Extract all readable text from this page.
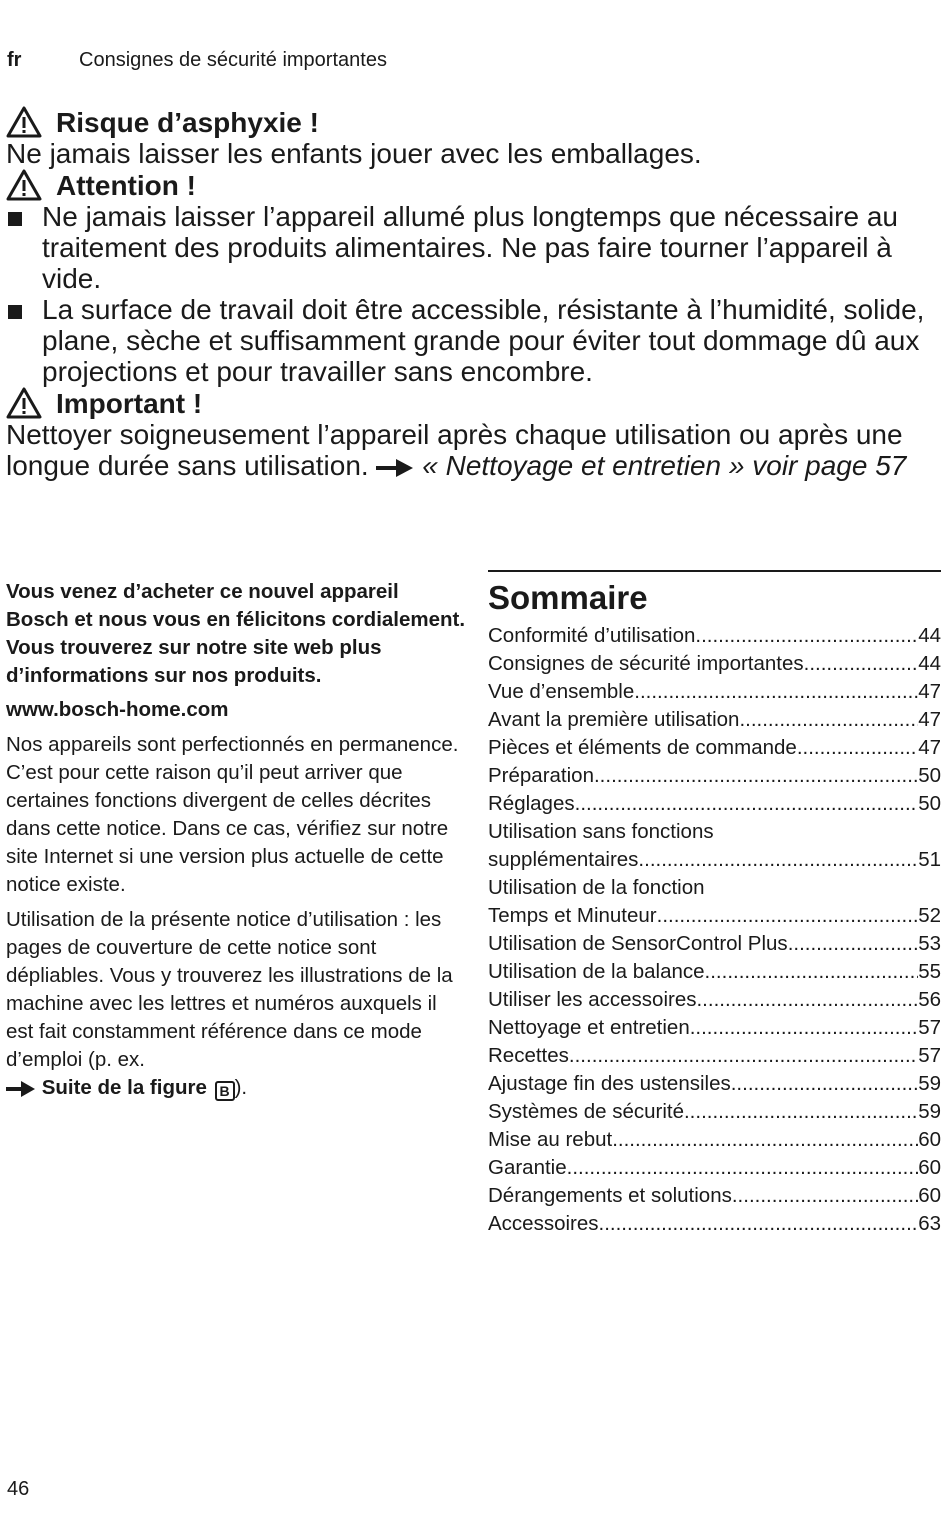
fr	Consignes de sécurité importantes
Risque d’asphyxie !
Ne jamais laisser les enfants jouer avec les emballages.
Attention !
Ne jamais laisser l’appareil allumé plus longtemps que nécessaire au traitement des produits alimentaires. Ne pas faire tourner l’appareil à vide.
La surface de travail doit être accessible, résistante à l’humidité, solide, plane, sèche et suffisamment grande pour éviter tout dommage dû aux projections et pour travailler sans encombre.
Important !
Nettoyer soigneusement l’appareil après chaque utilisation ou après une longue durée sans utilisation. « Nettoyage et entretien » voir page 57
Vous venez d’acheter ce nouvel appareil Bosch et nous vous en félicitons cordialement. Vous trouverez sur notre site web plus d’informations sur nos produits.
www.bosch-home.com
Nos appareils sont perfectionnés en permanence. C’est pour cette raison qu’il peut arriver que certaines fonctions divergent de celles décrites dans cette notice. Dans ce cas, vérifiez sur notre site Internet si une version plus actuelle de cette notice existe.
Utilisation de la présente notice d’utilisation : les pages de couverture de cette notice sont dépliables. Vous y trouverez les illustrations de la machine avec les lettres et numéros auxquels il est fait constamment référence dans ce mode d’emploi (p. ex.
Suite de la figure B ).
Sommaire
Conformité d’utilisation .....	44
Consignes de sécurité importantes .....	44
Vue d’ensemble .....	47
Avant la première utilisation .....	47
Pièces et éléments de commande .....	47
Préparation .....	50
Réglages .....	50
Utilisation sans fonctions
supplémentaires .....	51
Utilisation de la fonction
Temps et Minuteur .....	52
Utilisation de SensorControl Plus .....	53
Utilisation de la balance .....	55
Utiliser les accessoires .....	56
Nettoyage et entretien .....	57
Recettes .....	57
Ajustage fin des ustensiles .....	59
Systèmes de sécurité .....	59
Mise au rebut .....	60
Garantie .....	60
Dérangements et solutions .....	60
Accessoires .....	63
46
